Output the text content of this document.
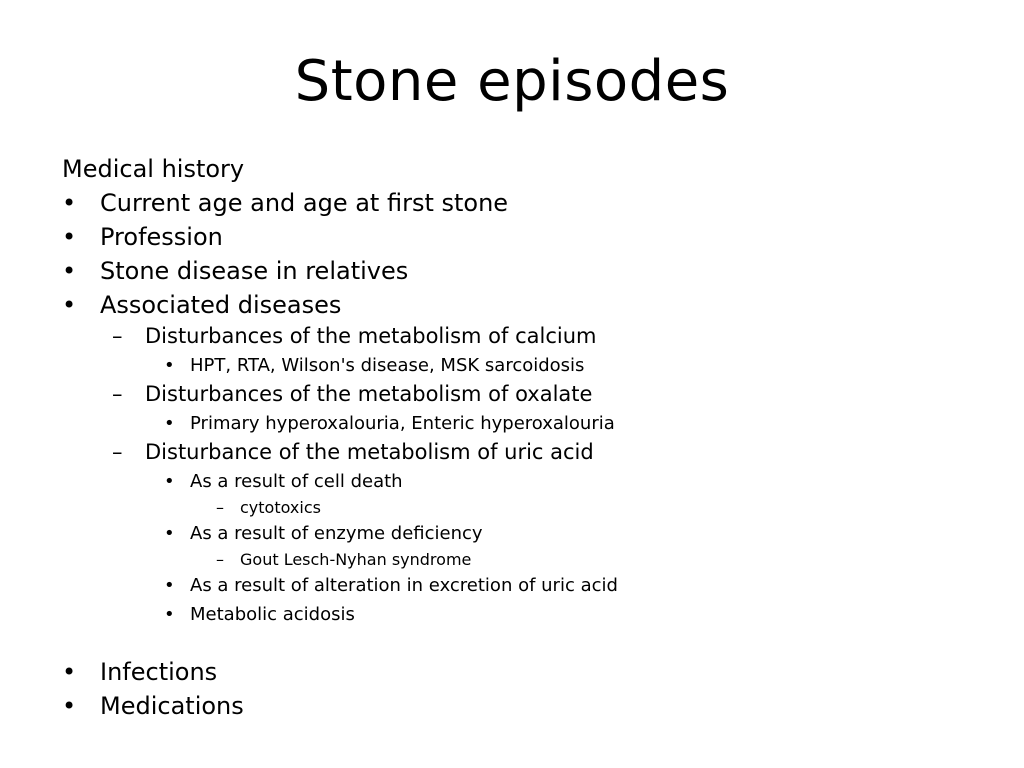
Stone episodes
Medical history
• Current age and age at first stone
• Profession
• Stone disease in relatives
• Associated diseases
– Disturbances of the metabolism of calcium
• HPT, RTA, Wilson's disease, MSK sarcoidosis
– Disturbances of the metabolism of oxalate
• Primary hyperoxalouria, Enteric hyperoxalouria
– Disturbance of the metabolism of uric acid
• As a result of cell death
– cytotoxics
• As a result of enzyme deficiency
– Gout Lesch-Nyhan syndrome
• As a result of alteration in excretion of uric acid
• Metabolic acidosis
• Infections
• Medications
